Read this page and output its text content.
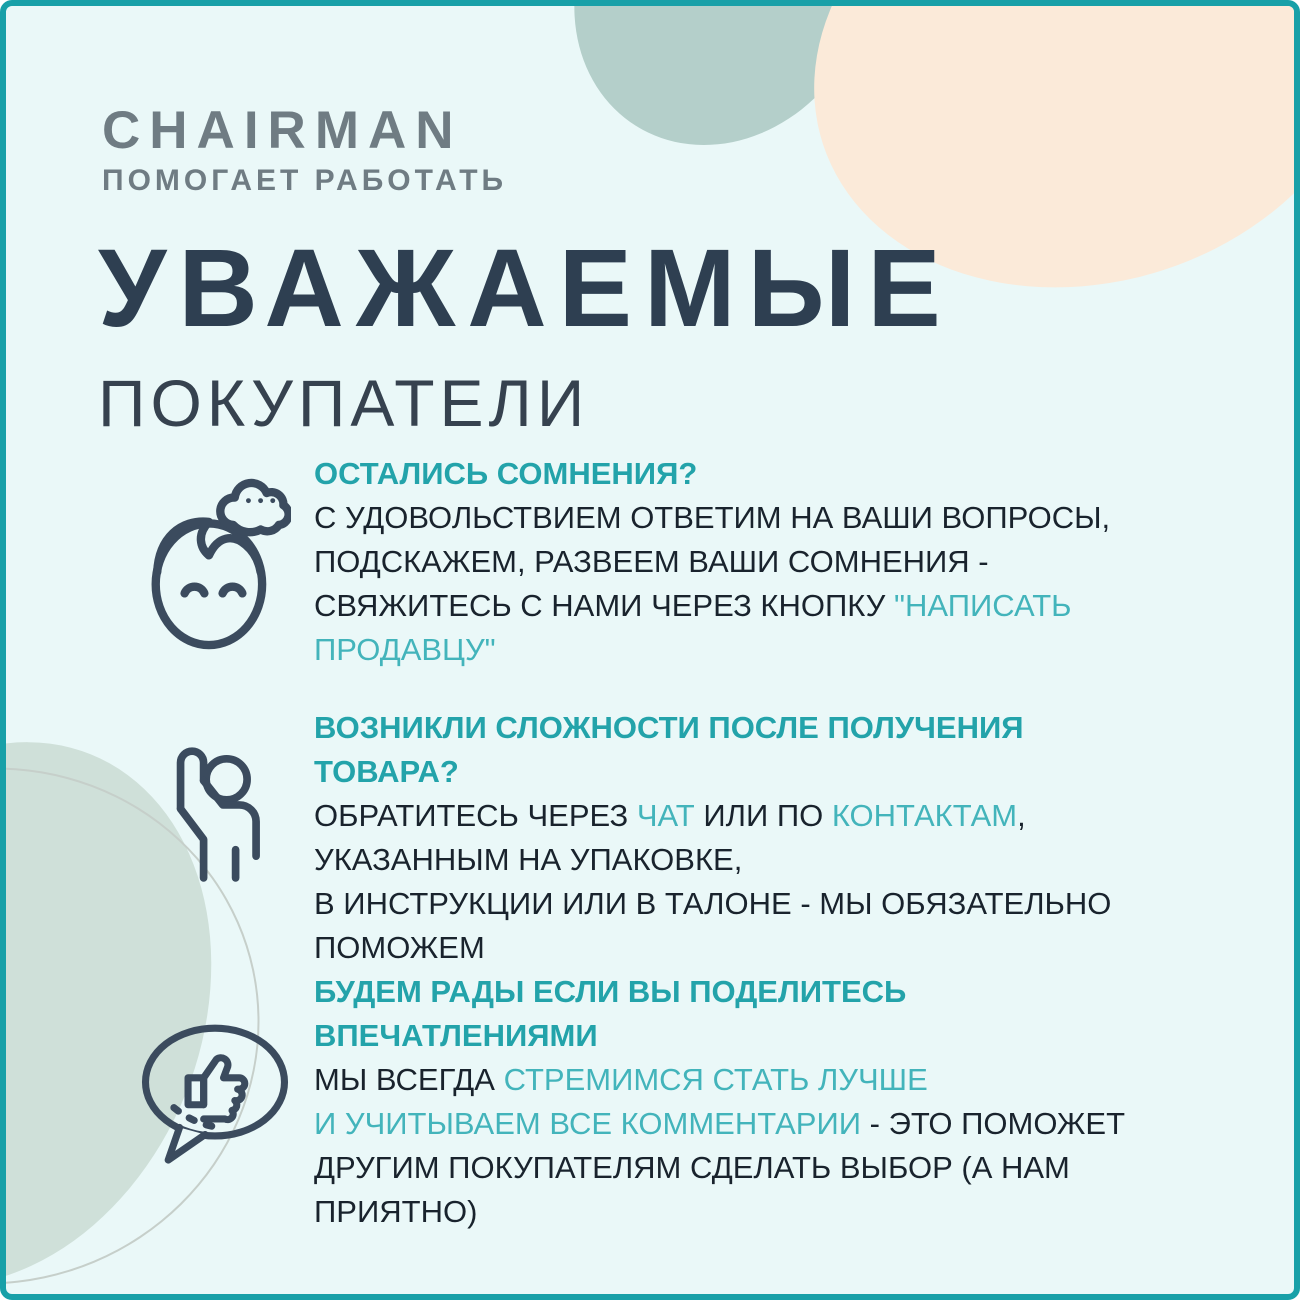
CHAIRMAN
ПОМОГАЕТ РАБОТАТЬ
УВАЖАЕМЫЕ
ПОКУПАТЕЛИ
ОСТАЛИСЬ СОМНЕНИЯ?
С УДОВОЛЬСТВИЕМ ОТВЕТИМ НА ВАШИ ВОПРОСЫ,
ПОДСКАЖЕМ, РАЗВЕЕМ ВАШИ СОМНЕНИЯ -
СВЯЖИТЕСЬ С НАМИ ЧЕРЕЗ КНОПКУ "НАПИСАТЬ
ПРОДАВЦУ"
ВОЗНИКЛИ СЛОЖНОСТИ ПОСЛЕ ПОЛУЧЕНИЯ
ТОВАРА?
ОБРАТИТЕСЬ ЧЕРЕЗ ЧАТ ИЛИ ПО КОНТАКТАМ,
УКАЗАННЫМ НА УПАКОВКЕ,
В ИНСТРУКЦИИ ИЛИ В ТАЛОНЕ - МЫ ОБЯЗАТЕЛЬНО
ПОМОЖЕМ
БУДЕМ РАДЫ ЕСЛИ ВЫ ПОДЕЛИТЕСЬ
ВПЕЧАТЛЕНИЯМИ
МЫ ВСЕГДА СТРЕМИМСЯ СТАТЬ ЛУЧШЕ
И УЧИТЫВАЕМ ВСЕ КОММЕНТАРИИ - ЭТО ПОМОЖЕТ
ДРУГИМ ПОКУПАТЕЛЯМ СДЕЛАТЬ ВЫБОР (А НАМ
ПРИЯТНО)
